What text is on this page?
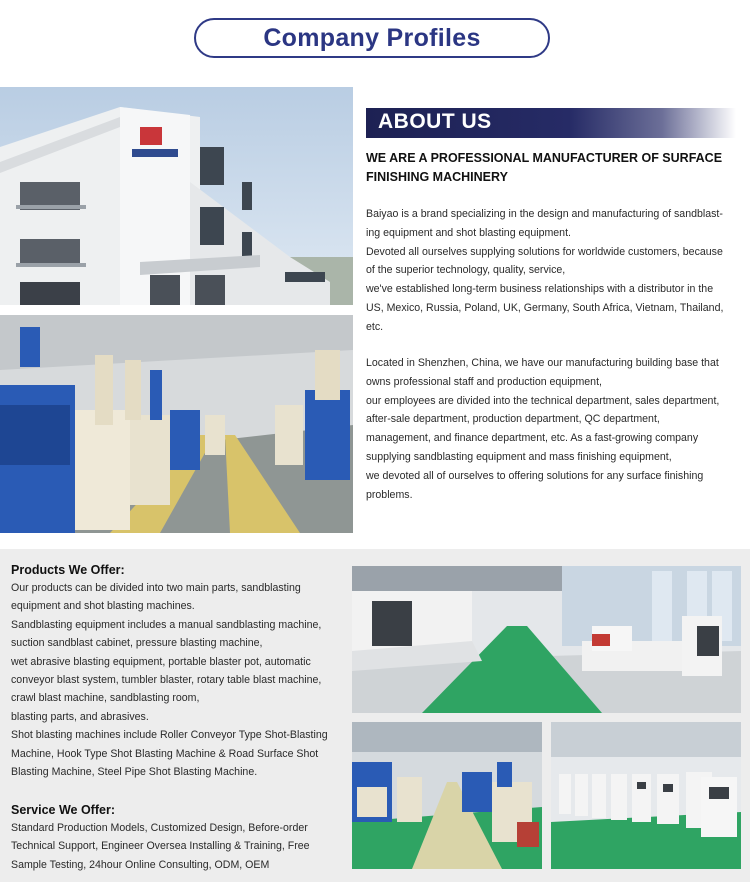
Company Profiles
ABOUT US
WE ARE A PROFESSIONAL MANUFACTURER OF SURFACE
FINISHING MACHINERY
Baiyao is a brand specializing in the design and manufacturing of sandblast-
ing equipment and shot blasting equipment.
Devoted all ourselves supplying solutions for worldwide customers, because
of the superior technology, quality, service,
we've established long-term business relationships with a distributor in the
US, Mexico, Russia, Poland, UK, Germany, South Africa, Vietnam, Thailand,
etc.
Located in Shenzhen, China, we have our manufacturing building base that
owns professional staff and production equipment,
our employees are divided into the technical department, sales department,
after-sale department, production department, QC department,
management, and finance department, etc. As a fast-growing company
supplying sandblasting equipment and mass finishing equipment,
we devoted all of ourselves to offering solutions for any surface finishing
problems.
Products We Offer:
Our products can be divided into two main parts, sandblasting
equipment and shot blasting machines.
Sandblasting equipment includes a manual sandblasting machine,
suction sandblast cabinet, pressure blasting machine,
wet abrasive blasting equipment, portable blaster pot, automatic
conveyor blast system, tumbler blaster, rotary table blast machine,
crawl blast machine, sandblasting room,
blasting parts, and abrasives.
Shot blasting machines include Roller Conveyor Type Shot-Blasting
Machine, Hook Type Shot Blasting Machine & Road Surface Shot
Blasting Machine, Steel Pipe Shot Blasting Machine.
Service We Offer:
Standard Production Models, Customized Design, Before-order
Technical Support, Engineer Oversea Installing & Training, Free
Sample Testing, 24hour Online Consulting, ODM, OEM
